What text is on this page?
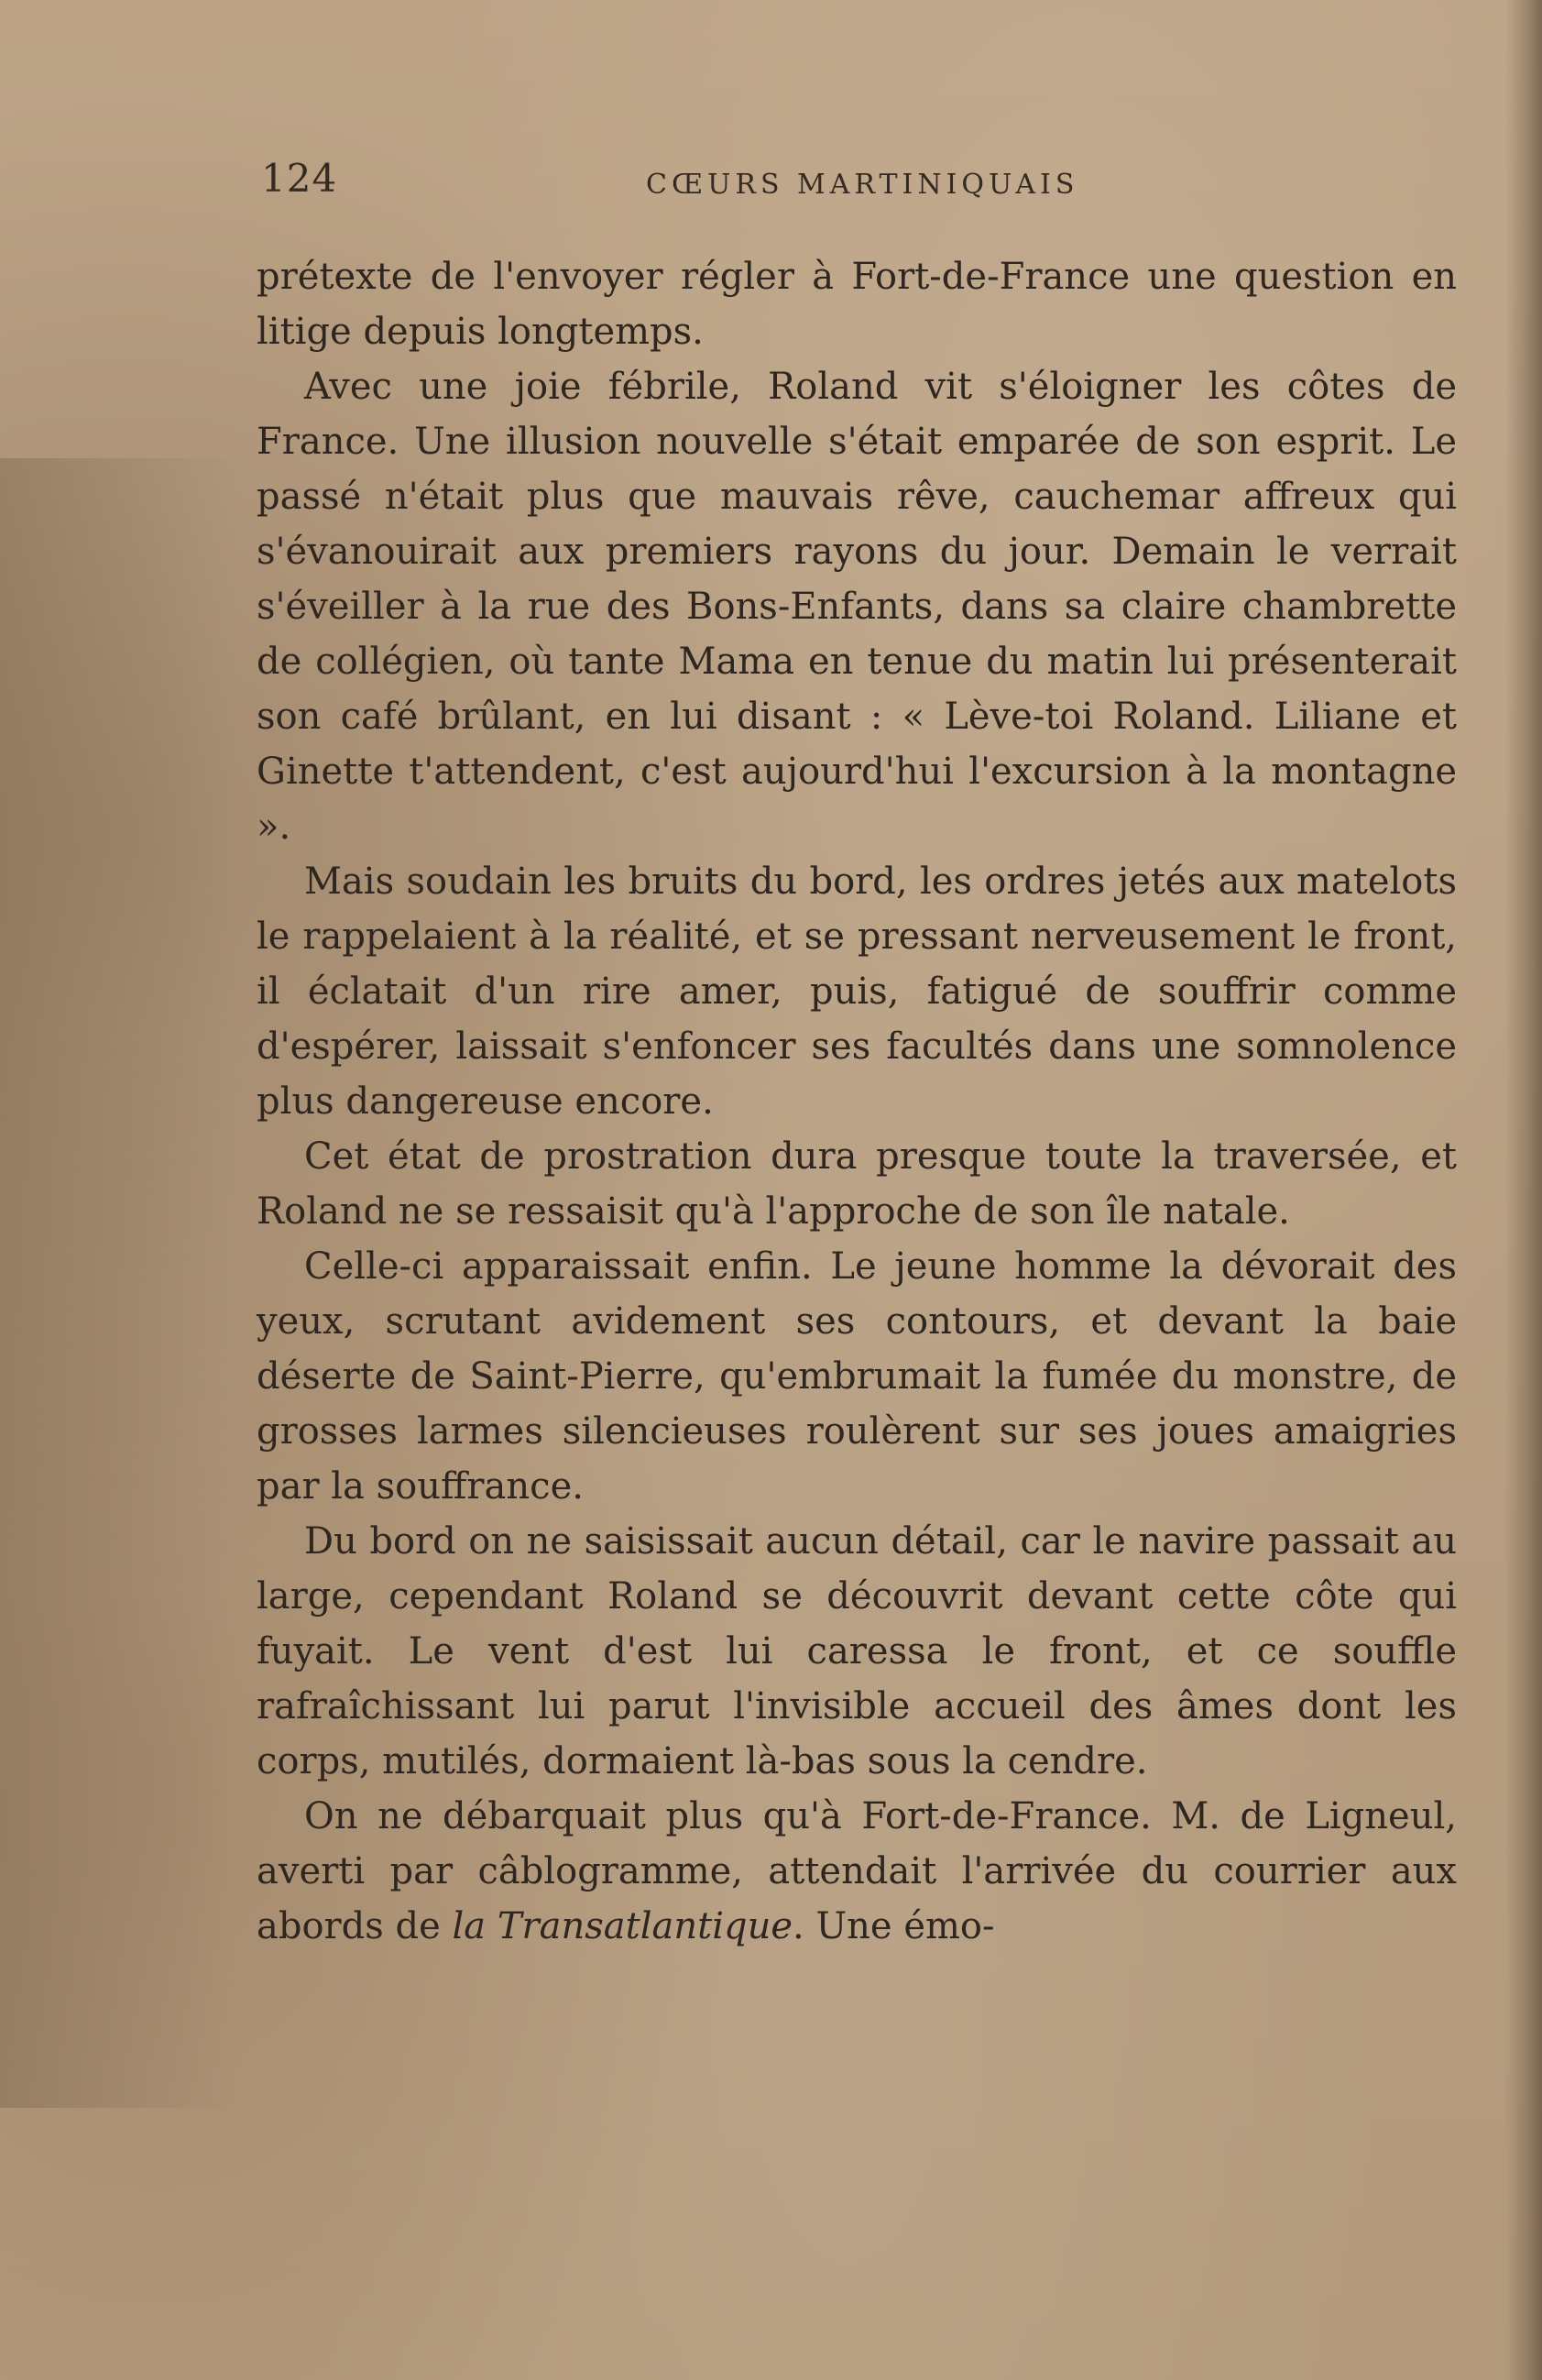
124	CŒURS MARTINIQUAIS

prétexte de l'envoyer régler à Fort-de-France une question en litige depuis longtemps.

Avec une joie fébrile, Roland vit s'éloigner les côtes de France. Une illusion nouvelle s'était emparée de son esprit. Le passé n'était plus que mauvais rêve, cauchemar affreux qui s'évanouirait aux premiers rayons du jour. Demain le verrait s'éveiller à la rue des Bons-Enfants, dans sa claire chambrette de collégien, où tante Mama en tenue du matin lui présenterait son café brûlant, en lui disant : « Lève-toi Roland. Liliane et Ginette t'attendent, c'est aujourd'hui l'excursion à la montagne ».

Mais soudain les bruits du bord, les ordres jetés aux matelots le rappelaient à la réalité, et se pressant nerveusement le front, il éclatait d'un rire amer, puis, fatigué de souffrir comme d'espérer, laissait s'enfoncer ses facultés dans une somnolence plus dangereuse encore.

Cet état de prostration dura presque toute la traversée, et Roland ne se ressaisit qu'à l'approche de son île natale.

Celle-ci apparaissait enfin. Le jeune homme la dévorait des yeux, scrutant avidement ses contours, et devant la baie déserte de Saint-Pierre, qu'embrumait la fumée du monstre, de grosses larmes silencieuses roulèrent sur ses joues amaigries par la souffrance.

Du bord on ne saisissait aucun détail, car le navire passait au large, cependant Roland se découvrit devant cette côte qui fuyait. Le vent d'est lui caressa le front, et ce souffle rafraîchissant lui parut l'invisible accueil des âmes dont les corps, mutilés, dormaient là-bas sous la cendre.

On ne débarquait plus qu'à Fort-de-France. M. de Ligneul, averti par câblogramme, attendait l'arrivée du courrier aux abords de la Transatlantique. Une émo-
